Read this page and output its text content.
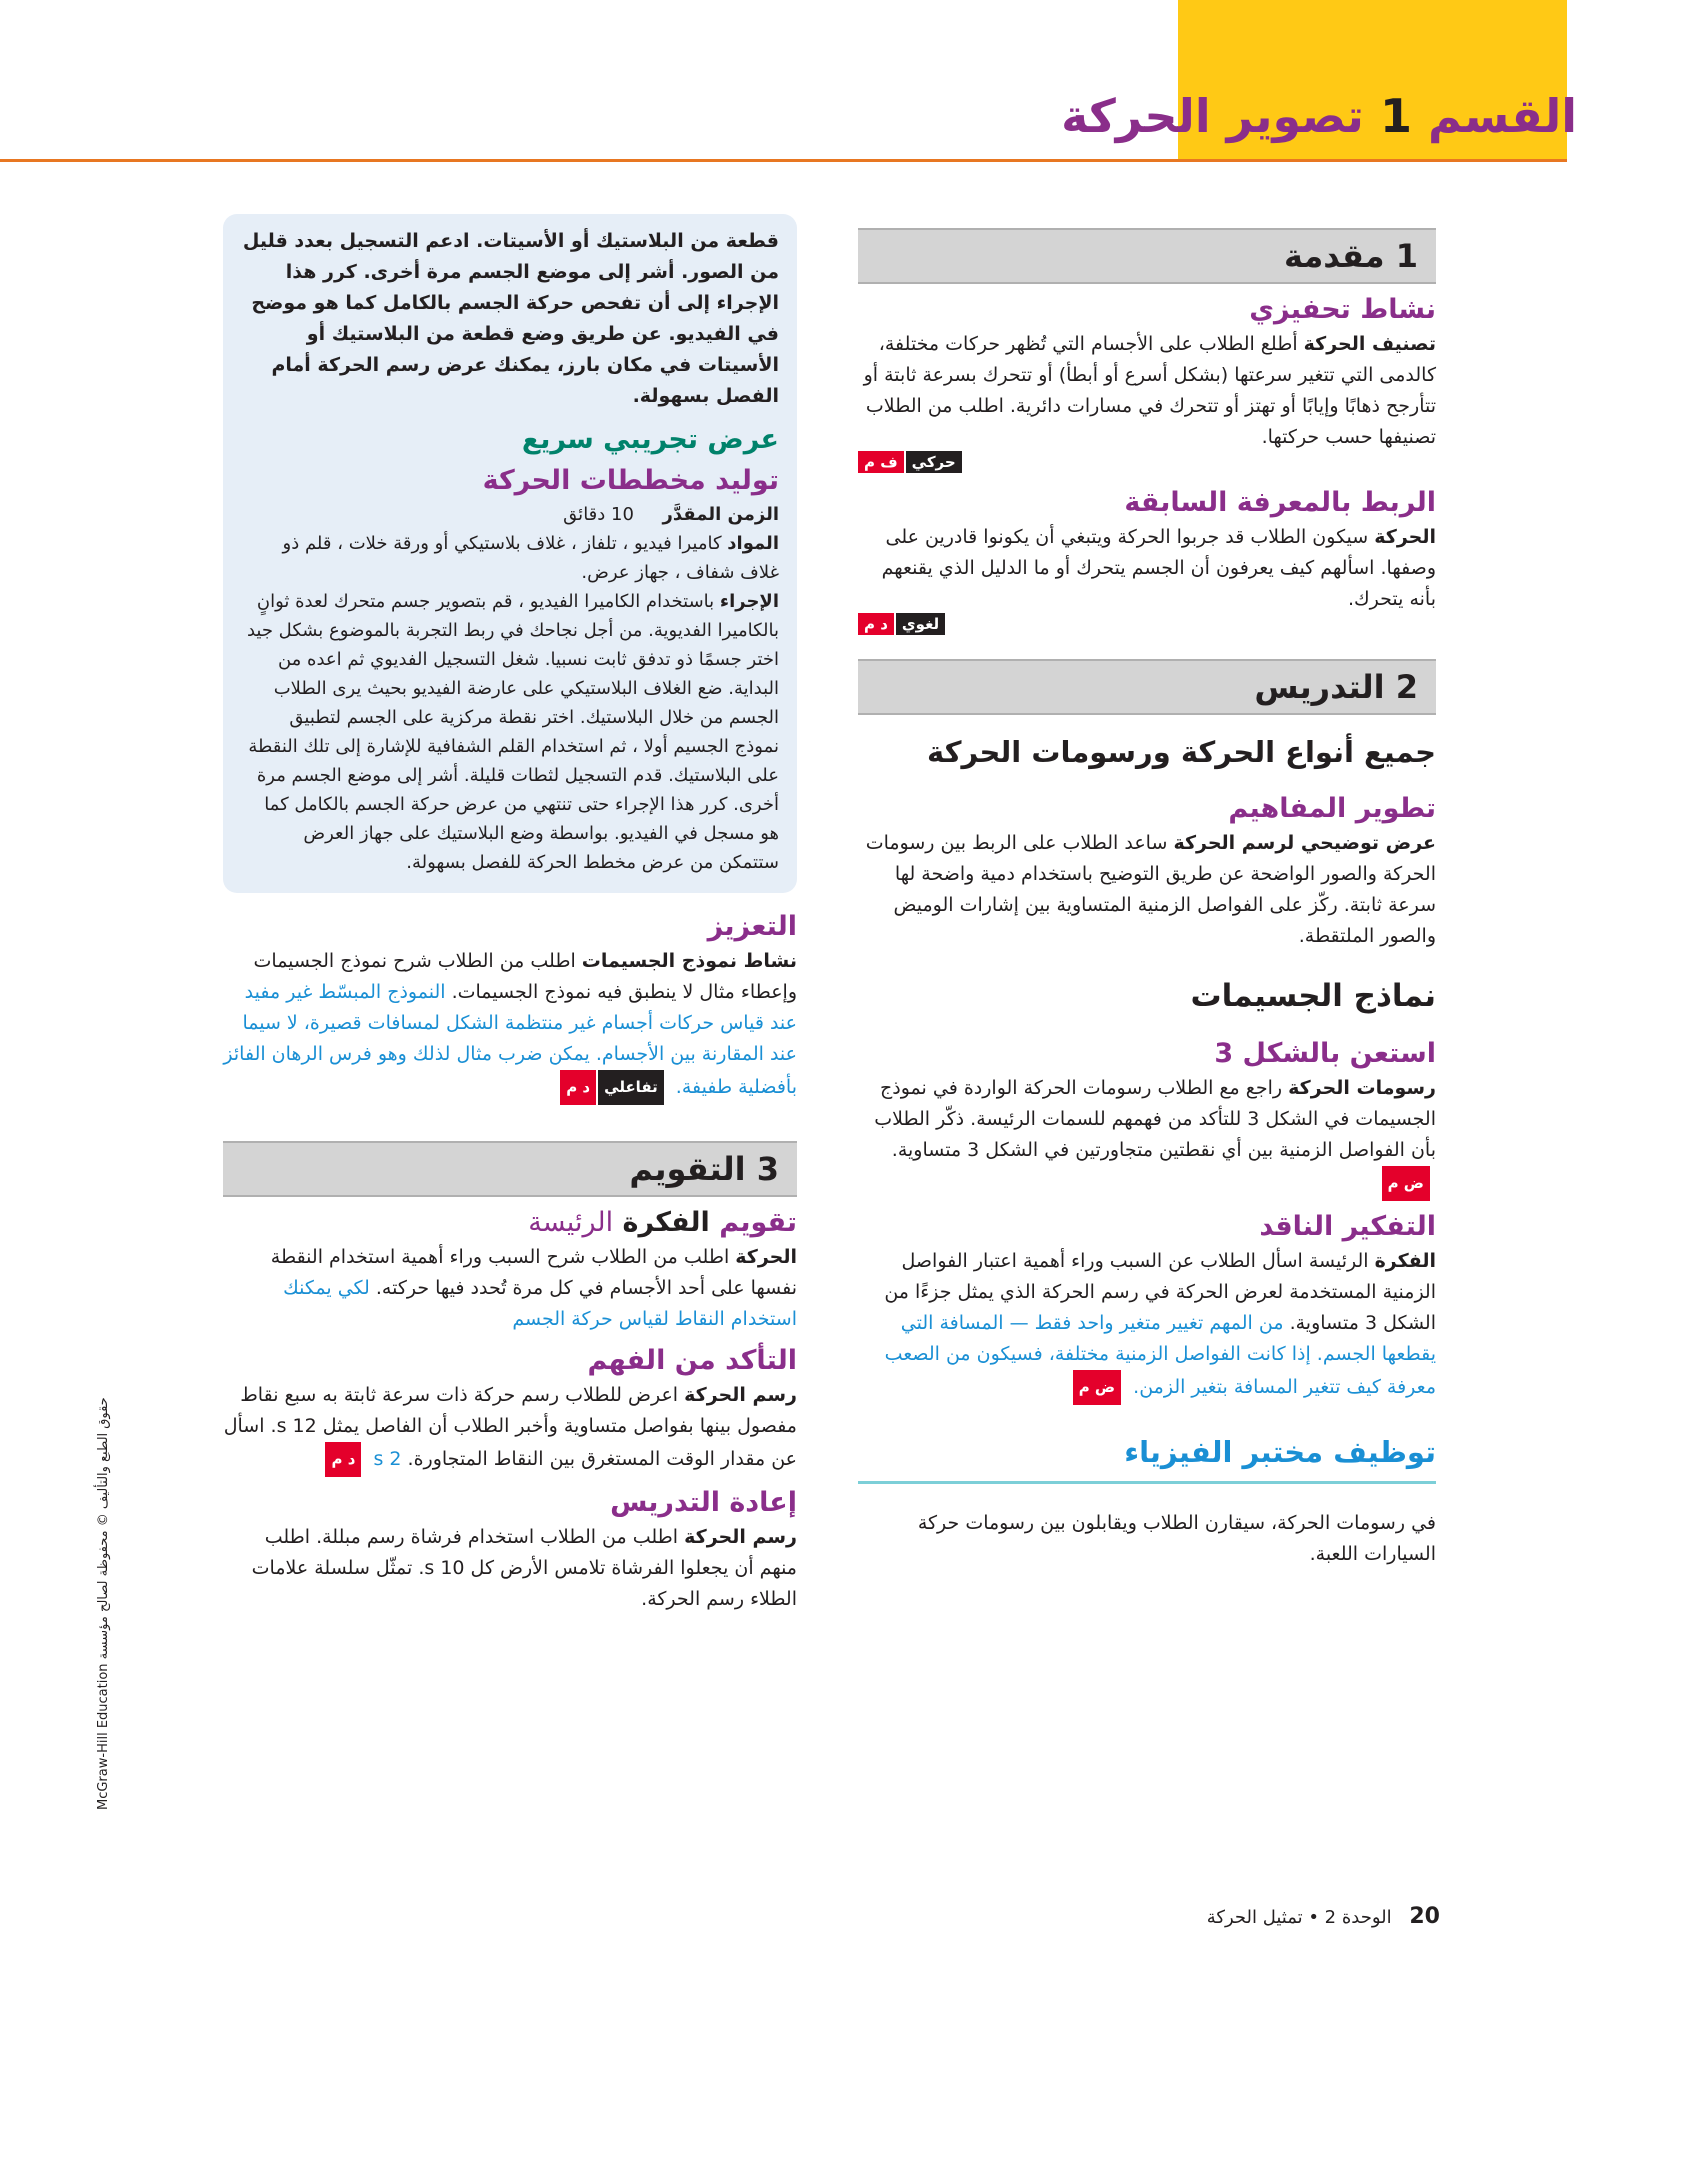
القسم 1 تصوير الحركة
1 مقدمة
نشاط تحفيزي
تصنيف الحركة أطلع الطلاب على الأجسام التي تُظهر حركات مختلفة، كالدمى التي تتغير سرعتها (بشكل أسرع أو أبطأ) أو تتحرك بسرعة ثابتة أو تتأرجح ذهابًا وإيابًا أو تهتز أو تتحرك في مسارات دائرية. اطلب من الطلاب تصنيفها حسب حركتها.
ف م حركي
الربط بالمعرفة السابقة
الحركة سيكون الطلاب قد جربوا الحركة ويتبغي أن يكونوا قادرين على وصفها. اسألهم كيف يعرفون أن الجسم يتحرك أو ما الدليل الذي يقنعهم بأنه يتحرك.
د م لغوي
2 التدريس
جميع أنواع الحركة ورسومات الحركة
تطوير المفاهيم
عرض توضيحي لرسم الحركة ساعد الطلاب على الربط بين رسومات الحركة والصور الواضحة عن طريق التوضيح باستخدام دمية واضحة لها سرعة ثابتة. ركّز على الفواصل الزمنية المتساوية بين إشارات الوميض والصور الملتقطة.
نماذج الجسيمات
استعن بالشكل 3
رسومات الحركة راجع مع الطلاب رسومات الحركة الواردة في نموذج الجسيمات في الشكل 3 للتأكد من فهمهم للسمات الرئيسة. ذكّر الطلاب بأن الفواصل الزمنية بين أي نقطتين متجاورتين في الشكل 3 متساوية.
ض م
التفكير الناقد
الفكرة الرئيسة اسأل الطلاب عن السبب وراء أهمية اعتبار الفواصل الزمنية المستخدمة لعرض الحركة في رسم الحركة الذي يمثل جزءًا من الشكل 3 متساوية. من المهم تغيير متغير واحد فقط — المسافة التي يقطعها الجسم. إذا كانت الفواصل الزمنية مختلفة، فسيكون من الصعب معرفة كيف تتغير المسافة بتغير الزمن.
ض م
توظيف مختبر الفيزياء
في رسومات الحركة، سيقارن الطلاب ويقابلون بين رسومات حركة السيارات اللعبة.
قطعة من البلاستيك أو الأسيتات. ادعم التسجيل بعدد قليل من الصور. أشر إلى موضع الجسم مرة أخرى. كرر هذا الإجراء إلى أن تفحص حركة الجسم بالكامل كما هو موضح في الفيديو. عن طريق وضع قطعة من البلاستيك أو الأسيتات في مكان بارز، يمكنك عرض رسم الحركة أمام الفصل بسهولة.
عرض تجريبي سريع
توليد مخططات الحركة
الزمن المقدَّر     10 دقائق
المواد كاميرا فيديو ، تلفاز ، غلاف بلاستيكي أو ورقة خلات ، قلم ذو غلاف شفاف ، جهاز عرض.
الإجراء باستخدام الكاميرا الفيديو ، قم بتصوير جسم متحرك لعدة ثوانٍ بالكاميرا الفديوية. من أجل نجاحك في ربط التجربة بالموضوع بشكل جيد اختر جسمًا ذو تدفق ثابت نسبيا. شغل التسجيل الفديوي ثم اعده من البداية. ضع الغلاف البلاستيكي على عارضة الفيديو بحيث يرى الطلاب الجسم من خلال البلاستيك. اختر نقطة مركزية على الجسم لتطبيق نموذج الجسيم أولا ، ثم استخدام القلم الشفافية للإشارة إلى تلك النقطة على البلاستيك. قدم التسجيل لثطات قليلة. أشر إلى موضع الجسم مرة أخرى. كرر هذا الإجراء حتى تنتهي من عرض حركة الجسم بالكامل كما هو مسجل في الفيديو. بواسطة وضع البلاستيك على جهاز العرض ستتمكن من عرض مخطط الحركة للفصل بسهولة.
التعزيز
نشاط نموذج الجسيمات اطلب من الطلاب شرح نموذج الجسيمات وإعطاء مثال لا ينطبق فيه نموذج الجسيمات. النموذج المبسّط غير مفيد عند قياس حركات أجسام غير منتظمة الشكل لمسافات قصيرة، لا سيما عند المقارنة بين الأجسام. يمكن ضرب مثال لذلك وهو فرس الرهان الفائز بأفضلية طفيفة.
د م تفاعلي
3 التقويم
تقويم الفكرة الرئيسة
الحركة اطلب من الطلاب شرح السبب وراء أهمية استخدام النقطة نفسها على أحد الأجسام في كل مرة تُحدد فيها حركته. لكي يمكنك استخدام النقاط لقياس حركة الجسم
التأكد من الفهم
رسم الحركة اعرض للطلاب رسم حركة ذات سرعة ثابتة به سبع نقاط مفصول بينها بفواصل متساوية وأخبر الطلاب أن الفاصل يمثل 12 s. اسأل عن مقدار الوقت المستغرق بين النقاط المتجاورة. 2 s
د م
إعادة التدريس
رسم الحركة اطلب من الطلاب استخدام فرشاة رسم مبللة. اطلب منهم أن يجعلوا الفرشاة تلامس الأرض كل 10 s. تمثّل سلسلة علامات الطلاء رسم الحركة.
حقوق الطبع والتأليف © محفوظة لصالح مؤسسة McGraw-Hill Education
20 الوحدة 2 • تمثيل الحركة
